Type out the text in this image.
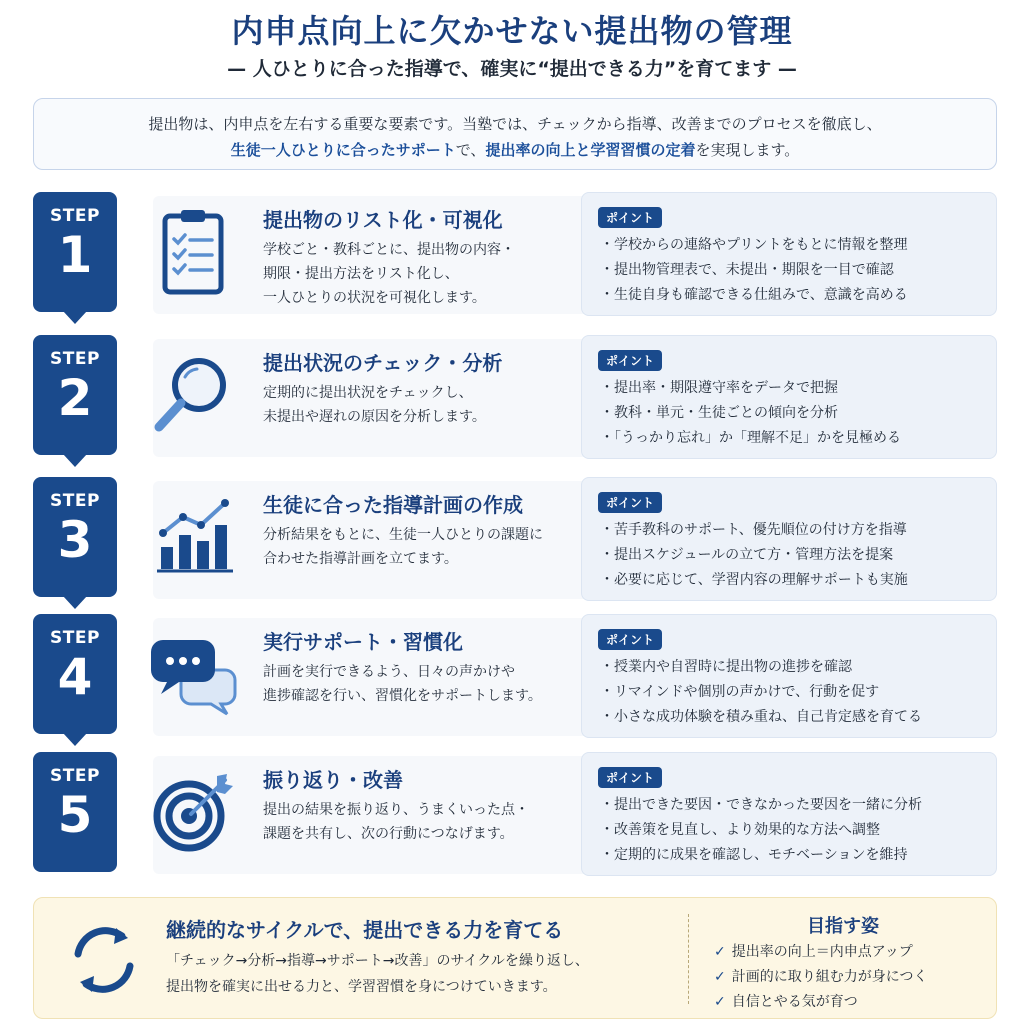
内申点向上に欠かせない提出物の管理
— 人ひとりに合った指導で、確実に“提出できる力”を育てます —
提出物は、内申点を左右する重要な要素です。当塾では、チェックから指導、改善までのプロセスを徹底し、
生徒一人ひとりに合ったサポートで、提出率の向上と学習習慣の定着を実現します。
STEP
1
提出物のリスト化・可視化
学校ごと・教科ごとに、提出物の内容・
期限・提出方法をリスト化し、
一人ひとりの状況を可視化します。
ポイント
・ 学校からの連絡やプリントをもとに情報を整理
・ 提出物管理表で、未提出・期限を一目で確認
・ 生徒自身も確認できる仕組みで、意識を高める
STEP
2
提出状況のチェック・分析
定期的に提出状況をチェックし、
未提出や遅れの原因を分析します。
ポイント
・ 提出率・期限遵守率をデータで把握
・ 教科・単元・生徒ごとの傾向を分析
・ 「うっかり忘れ」か「理解不足」かを見極める
STEP
3
生徒に合った指導計画の作成
分析結果をもとに、生徒一人ひとりの課題に
合わせた指導計画を立てます。
ポイント
・ 苦手教科のサポート、優先順位の付け方を指導
・ 提出スケジュールの立て方・管理方法を提案
・ 必要に応じて、学習内容の理解サポートも実施
STEP
4
実行サポート・習慣化
計画を実行できるよう、日々の声かけや
進捗確認を行い、習慣化をサポートします。
ポイント
・ 授業内や自習時に提出物の進捗を確認
・ リマインドや個別の声かけで、行動を促す
・ 小さな成功体験を積み重ね、自己肯定感を育てる
STEP
5
振り返り・改善
提出の結果を振り返り、うまくいった点・
課題を共有し、次の行動につなげます。
ポイント
・ 提出できた要因・できなかった要因を一緒に分析
・ 改善策を見直し、より効果的な方法へ調整
・ 定期的に成果を確認し、モチベーションを維持
継続的なサイクルで、提出できる力を育てる
「チェック→分析→指導→サポート→改善」のサイクルを繰り返し、
提出物を確実に出せる力と、学習習慣を身につけていきます。
目指す姿
✓ 提出率の向上＝内申点アップ
✓ 計画的に取り組む力が身につく
✓ 自信とやる気が育つ
